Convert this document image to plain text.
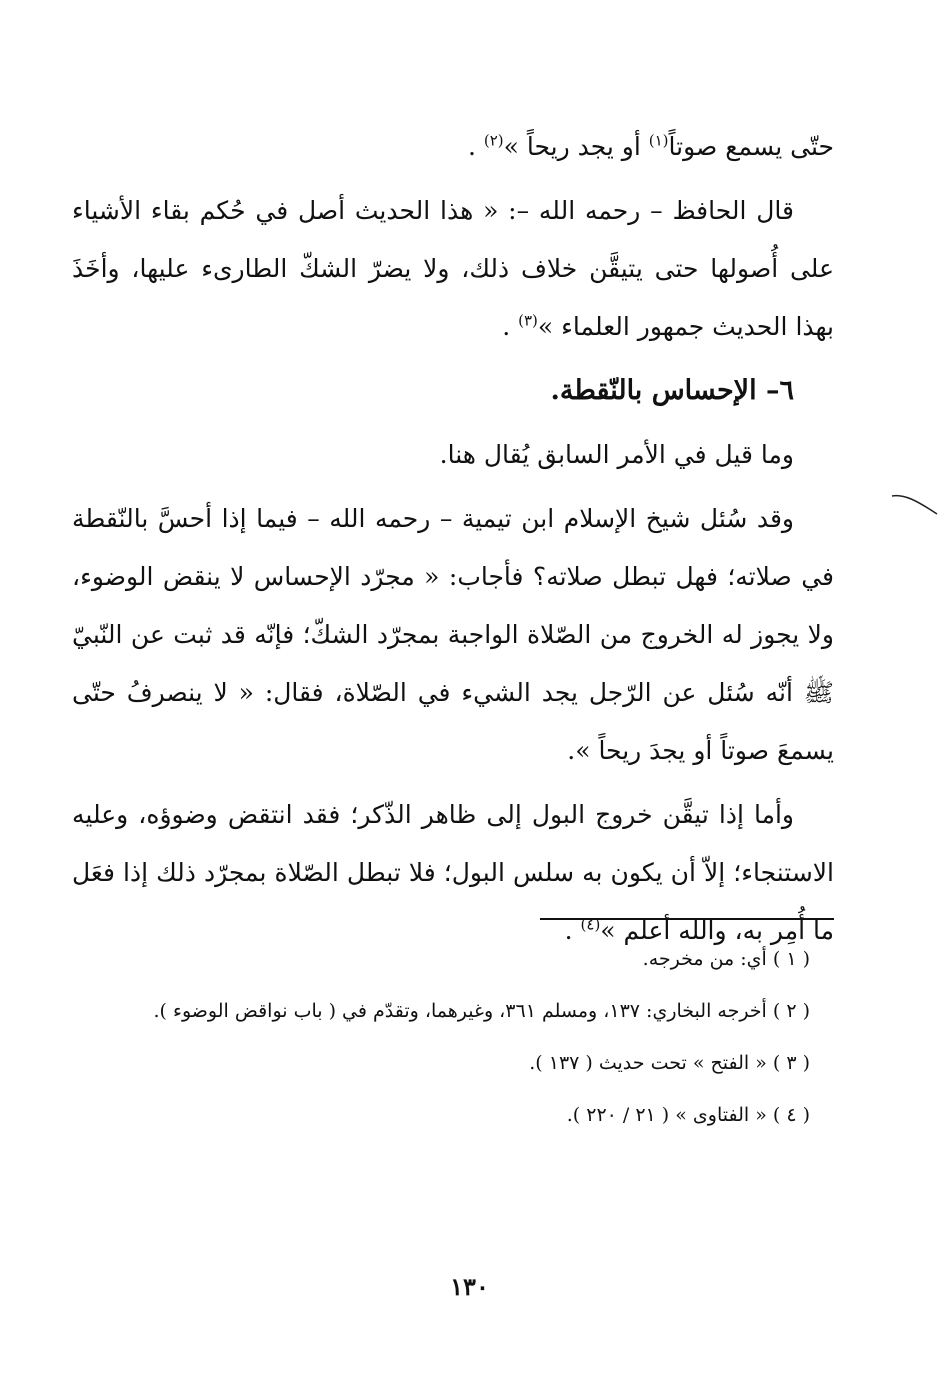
حتّى يسمع صوتاً$^{(١)}$ أو يجد ريحاً »$^{(٢)}$ .

قال الحافظ – رحمه الله –: « هذا الحديث أصل في حُكم بقاء الأشياء على أُصولها حتى يتيقَّن خلاف ذلك، ولا يضرّ الشكّ الطارىء عليها، وأخَذَ بهذا الحديث جمهور العلماء »$^{(٣)}$ .

٦– الإحساس بالنّقطة.

وما قيل في الأمر السابق يُقال هنا.

وقد سُئل شيخ الإسلام ابن تيمية – رحمه الله – فيما إذا أحسَّ بالنّقطة في صلاته؛ فهل تبطل صلاته؟ فأجاب: « مجرّد الإحساس لا ينقض الوضوء، ولا يجوز له الخروج من الصّلاة الواجبة بمجرّد الشكّ؛ فإنّه قد ثبت عن النّبيّ ﷺ أنّه سُئل عن الرّجل يجد الشيء في الصّلاة، فقال: « لا ينصرفُ حتّى يسمعَ صوتاً أو يجدَ ريحاً ».

وأما إذا تيقَّن خروج البول إلى ظاهر الذّكر؛ فقد انتقض وضوؤه، وعليه الاستنجاء؛ إلاّ أن يكون به سلس البول؛ فلا تبطل الصّلاة بمجرّد ذلك إذا فعَل ما أُمِر به، والله أعلم »$^{(٤)}$ .

( ١ ) أي: من مخرجه.

( ٢ ) أخرجه البخاري: ١٣٧، ومسلم ٣٦١، وغيرهما، وتقدّم في ( باب نواقض الوضوء ).

( ٣ ) « الفتح » تحت حديث ( ١٣٧ ).

( ٤ ) « الفتاوى » ( ٢١ / ٢٢٠ ).

١٣٠
